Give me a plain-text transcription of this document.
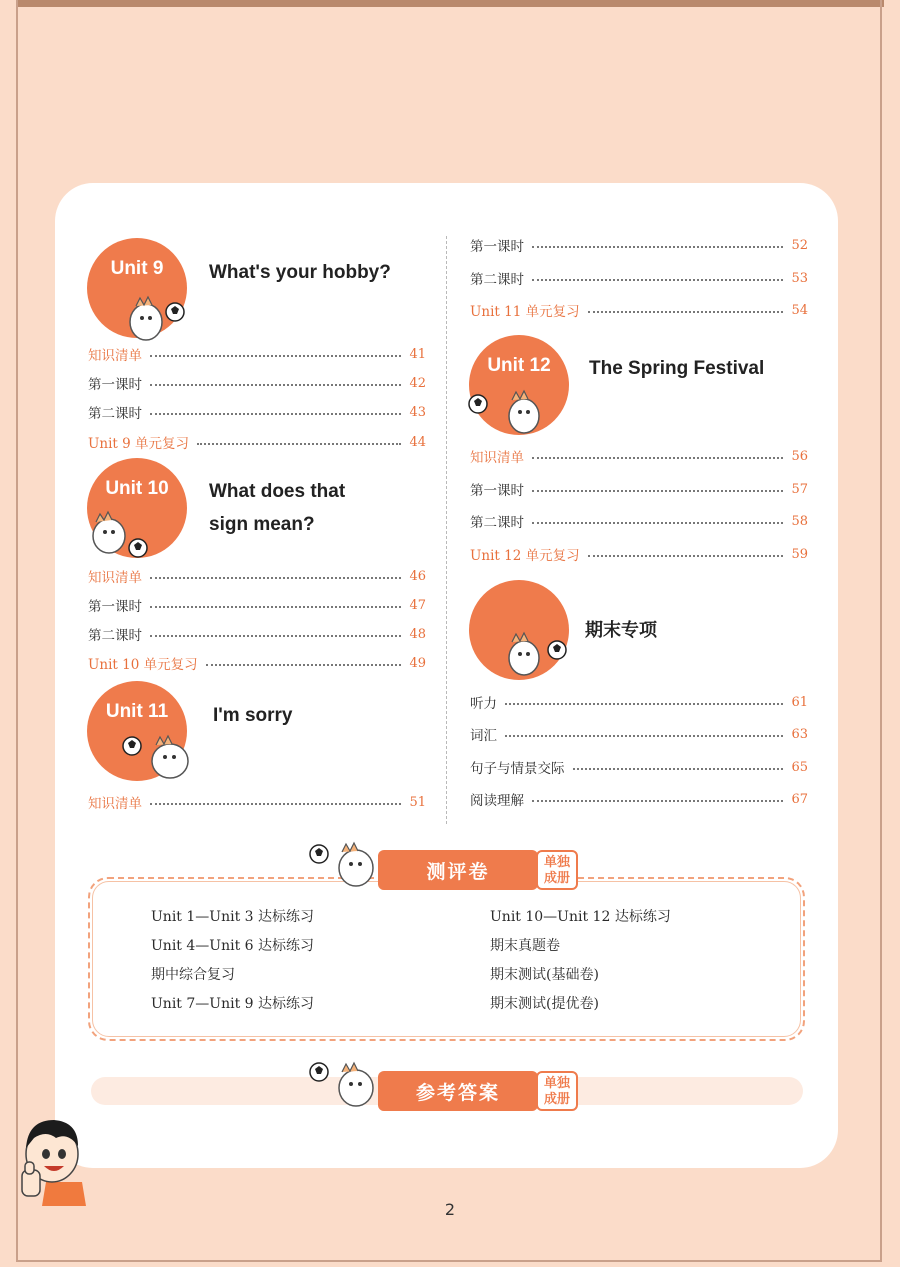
Unit 9	What's your hobby?
知识清单	41
第一课时	42
第二课时	43
Unit 9 单元复习	44
Unit 10	What does that
sign mean?
知识清单	46
第一课时	47
第二课时	48
Unit 10 单元复习	49
Unit 11	I'm sorry
知识清单	51
第一课时	52
第二课时	53
Unit 11 单元复习	54
Unit 12	The Spring Festival
知识清单	56
第一课时	57
第二课时	58
Unit 12 单元复习	59
期末专项
听力	61
词汇	63
句子与情景交际	65
阅读理解	67
测评卷	单独
成册
Unit 1—Unit 3 达标练习
Unit 4—Unit 6 达标练习
期中综合复习
Unit 7—Unit 9 达标练习
Unit 10—Unit 12 达标练习
期末真题卷
期末测试(基础卷)
期末测试(提优卷)
参考答案	单独
成册
2
